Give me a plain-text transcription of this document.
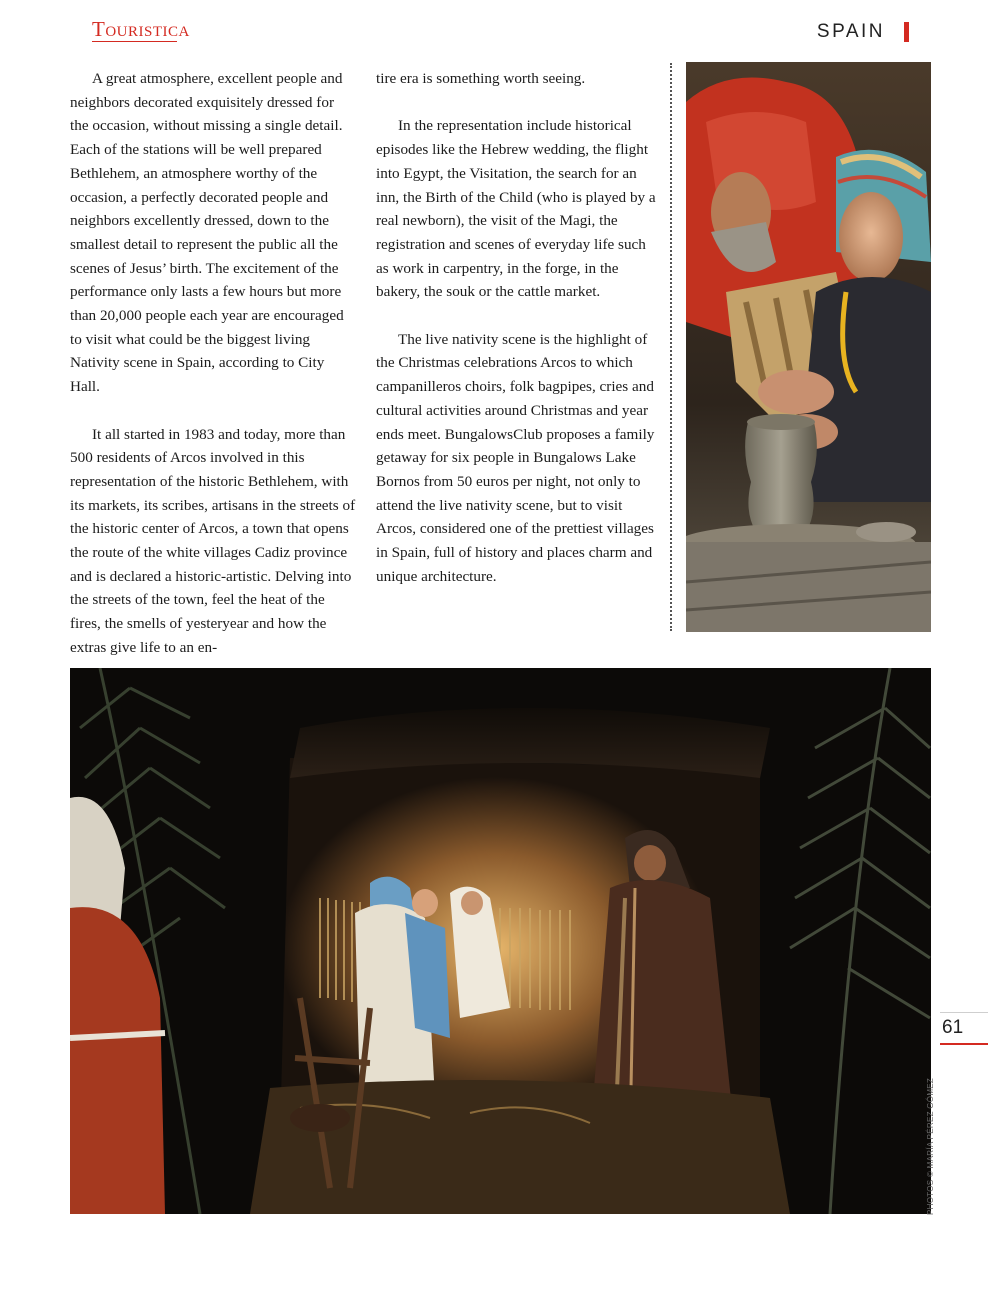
Touristica	SPAIN

A great atmosphere, excellent people and neighbors decorated exquisitely dressed for the occasion, without missing a single detail. Each of the stations will be well prepared Bethlehem, an atmosphere worthy of the occasion, a perfectly decorated people and neighbors excellently dressed, down to the smallest detail to represent the public all the scenes of Jesus’ birth. The excitement of the performance only lasts a few hours but more than 20,000 people each year are encouraged to visit what could be the biggest living Nativity scene in Spain, according to City Hall.

It all started in 1983 and today, more than 500 residents of Arcos involved in this representation of the historic Bethlehem, with its markets, its scribes, artisans in the streets of the historic center of Arcos, a town that opens the route of the white villages Cadiz province and is declared a historic-artistic. Delving into the streets of the town, feel the heat of the fires, the smells of yesteryear and how the extras give life to an en-

tire era is something worth seeing.

In the representation include historical episodes like the Hebrew wedding, the flight into Egypt, the Visitation, the search for an inn, the Birth of the Child (who is played by a real newborn), the visit of the Magi, the registration and scenes of everyday life such as work in carpentry, in the forge, in the bakery, the souk or the cattle market.

The live nativity scene is the highlight of the Christmas celebrations Arcos to which campanilleros choirs, folk bagpipes, cries and cultural activities around Christmas and year ends meet. BungalowsClub proposes a family getaway for six people in Bungalows Lake Bornos from 50 euros per night, not only to attend the live nativity scene, but to visit Arcos, considered one of the prettiest villages in Spain, full of history and places charm and unique architecture.

61
PHOTOS © MARÍA PÉREZ GÓMEZ
